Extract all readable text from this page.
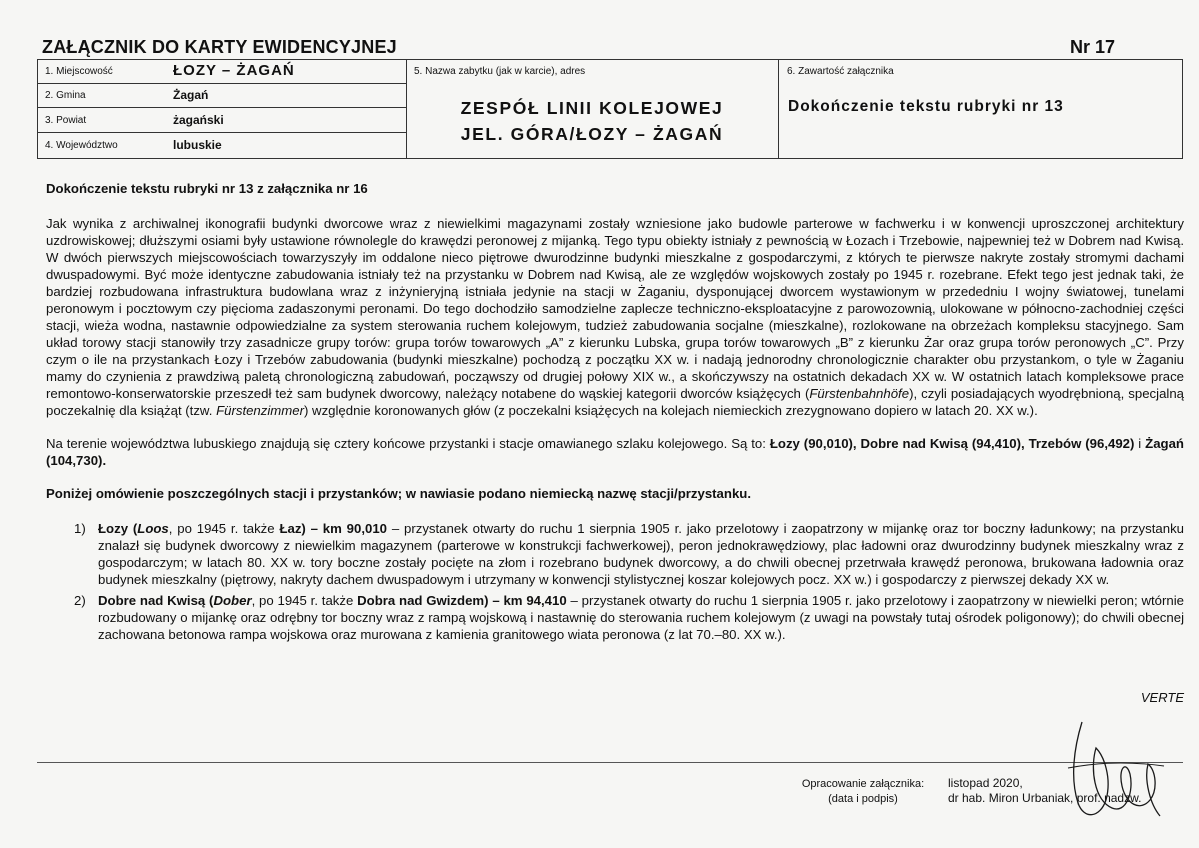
ZAŁĄCZNIK DO KARTY EWIDENCYJNEJ	Nr 17
1. Miejscowość	ŁOZY – ŻAGAŃ
2. Gmina	Żagań
3. Powiat	żagański
4. Województwo	lubuskie
5. Nazwa zabytku (jak w karcie), adres
ZESPÓŁ LINII KOLEJOWEJ
JEL. GÓRA/ŁOZY – ŻAGAŃ
6. Zawartość załącznika
Dokończenie tekstu rubryki nr 13

Dokończenie tekstu rubryki nr 13 z załącznika nr 16

Jak wynika z archiwalnej ikonografii budynki dworcowe wraz z niewielkimi magazynami zostały wzniesione jako budowle parterowe w fachwerku i w konwencji uproszczonej architektury uzdrowiskowej; dłuższymi osiami były ustawione równolegle do krawędzi peronowej z mijanką. Tego typu obiekty istniały z pewnością w Łozach i Trzebowie, najpewniej też w Dobrem nad Kwisą. W dwóch pierwszych miejscowościach towarzyszyły im oddalone nieco piętrowe dwurodzinne budynki mieszkalne z gospodarczymi, z których te pierwsze nakryte zostały stromymi dachami dwuspadowymi. Być może identyczne zabudowania istniały też na przystanku w Dobrem nad Kwisą, ale ze względów wojskowych zostały po 1945 r. rozebrane. Efekt tego jest jednak taki, że bardziej rozbudowana infrastruktura budowlana wraz z inżynieryjną istniała jedynie na stacji w Żaganiu, dysponującej dworcem wystawionym w przededniu I wojny światowej, tunelami peronowym i pocztowym czy pięcioma zadaszonymi peronami. Do tego dochodziło samodzielne zaplecze techniczno-eksploatacyjne z parowozownią, ulokowane w północno-zachodniej części stacji, wieża wodna, nastawnie odpowiedzialne za system sterowania ruchem kolejowym, tudzież zabudowania socjalne (mieszkalne), rozlokowane na obrzeżach kompleksu stacyjnego. Sam układ torowy stacji stanowiły trzy zasadnicze grupy torów: grupa torów towarowych „A” z kierunku Lubska, grupa torów towarowych „B” z kierunku Żar oraz grupa torów peronowych „C”. Przy czym o ile na przystankach Łozy i Trzebów zabudowania (budynki mieszkalne) pochodzą z początku XX w. i nadają jednorodny chronologicznie charakter obu przystankom, o tyle w Żaganiu mamy do czynienia z prawdziwą paletą chronologiczną zabudowań, począwszy od drugiej połowy XIX w., a skończywszy na ostatnich dekadach XX w. W ostatnich latach kompleksowe prace remontowo-konserwatorskie przeszedł też sam budynek dworcowy, należący notabene do wąskiej kategorii dworców książęcych (Fürstenbahnhöfe), czyli posiadających wyodrębnioną, specjalną poczekalnię dla książąt (tzw. Fürstenzimmer) względnie koronowanych głów (z poczekalni książęcych na kolejach niemieckich zrezygnowano dopiero w latach 20. XX w.).

Na terenie województwa lubuskiego znajdują się cztery końcowe przystanki i stacje omawianego szlaku kolejowego. Są to: Łozy (90,010), Dobre nad Kwisą (94,410), Trzebów (96,492) i Żagań (104,730).

Poniżej omówienie poszczególnych stacji i przystanków; w nawiasie podano niemiecką nazwę stacji/przystanku.

1) Łozy (Loos, po 1945 r. także Łaz) – km 90,010 – przystanek otwarty do ruchu 1 sierpnia 1905 r. jako przelotowy i zaopatrzony w mijankę oraz tor boczny ładunkowy; na przystanku znalazł się budynek dworcowy z niewielkim magazynem (parterowe w konstrukcji fachwerkowej), peron jednokrawędziowy, plac ładowni oraz dwurodzinny budynek mieszkalny wraz z gospodarczym; w latach 80. XX w. tory boczne zostały pocięte na złom i rozebrano budynek dworcowy, a do chwili obecnej przetrwała krawędź peronowa, brukowana ładownia oraz budynek mieszkalny (piętrowy, nakryty dachem dwuspadowym i utrzymany w konwencji stylistycznej koszar kolejowych pocz. XX w.) i gospodarczy z pierwszej dekady XX w.
2) Dobre nad Kwisą (Dober, po 1945 r. także Dobra nad Gwizdem) – km 94,410 – przystanek otwarty do ruchu 1 sierpnia 1905 r. jako przelotowy i zaopatrzony w niewielki peron; wtórnie rozbudowany o mijankę oraz odrębny tor boczny wraz z rampą wojskową i nastawnię do sterowania ruchem kolejowym (z uwagi na powstały tutaj ośrodek poligonowy); do chwili obecnej zachowana betonowa rampa wojskowa oraz murowana z kamienia granitowego wiata peronowa (z lat 70.–80. XX w.).
VERTE
Opracowanie załącznika:
(data i podpis)
listopad 2020,
dr hab. Miron Urbaniak, prof. nadzw.
